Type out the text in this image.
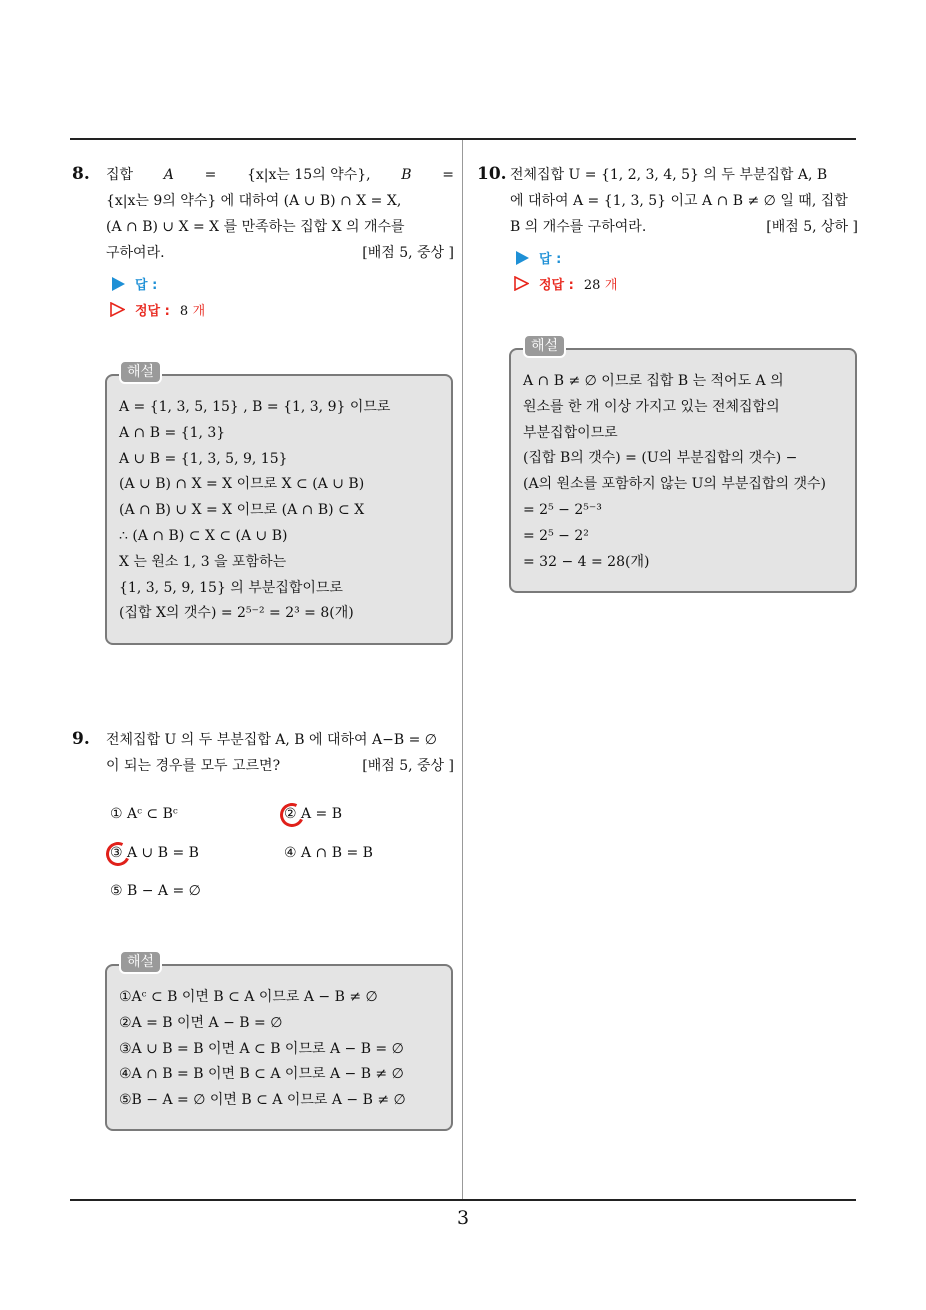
3
8. 집합 A = {x|x는 15의 약수}, B =
{x|x는 9의 약수} 에 대하여 (A ∪ B) ∩ X = X,
(A ∩ B) ∪ X = X 를 만족하는 집합 X 의 개수를
구하여라.	[배점 5, 중상 ]
답 :
정답 : 8 개
해설
A = {1, 3, 5, 15} , B = {1, 3, 9} 이므로
A ∩ B = {1, 3}
A ∪ B = {1, 3, 5, 9, 15}
(A ∪ B) ∩ X = X 이므로 X ⊂ (A ∪ B)
(A ∩ B) ∪ X = X 이므로 (A ∩ B) ⊂ X
∴ (A ∩ B) ⊂ X ⊂ (A ∪ B)
X 는 원소 1, 3 을 포함하는
{1, 3, 5, 9, 15} 의 부분집합이므로
(집합 X의 갯수) = 2⁵⁻² = 2³ = 8(개)
9. 전체집합 U 의 두 부분집합 A, B 에 대하여 A−B = ∅
이 되는 경우를 모두 고르면?	[배점 5, 중상 ]
① Aᶜ ⊂ Bᶜ	② A = B
③ A ∪ B = B	④ A ∩ B = B
⑤ B − A = ∅
해설
①Aᶜ ⊂ B 이면 B ⊂ A 이므로 A − B ≠ ∅
②A = B 이면 A − B = ∅
③A ∪ B = B 이면 A ⊂ B 이므로 A − B = ∅
④A ∩ B = B 이면 B ⊂ A 이므로 A − B ≠ ∅
⑤B − A = ∅ 이면 B ⊂ A 이므로 A − B ≠ ∅
10. 전체집합 U = {1, 2, 3, 4, 5} 의 두 부분집합 A, B
에 대하여 A = {1, 3, 5} 이고 A ∩ B ≠ ∅ 일 때, 집합
B 의 개수를 구하여라.	[배점 5, 상하 ]
답 :
정답 : 28 개
해설
A ∩ B ≠ ∅ 이므로 집합 B 는 적어도 A 의
원소를 한 개 이상 가지고 있는 전체집합의
부분집합이므로
(집합 B의 갯수) = (U의 부분집합의 갯수) −
(A의 원소를 포함하지 않는 U의 부분집합의 갯수)
= 2⁵ − 2⁵⁻³
= 2⁵ − 2²
= 32 − 4 = 28(개)
